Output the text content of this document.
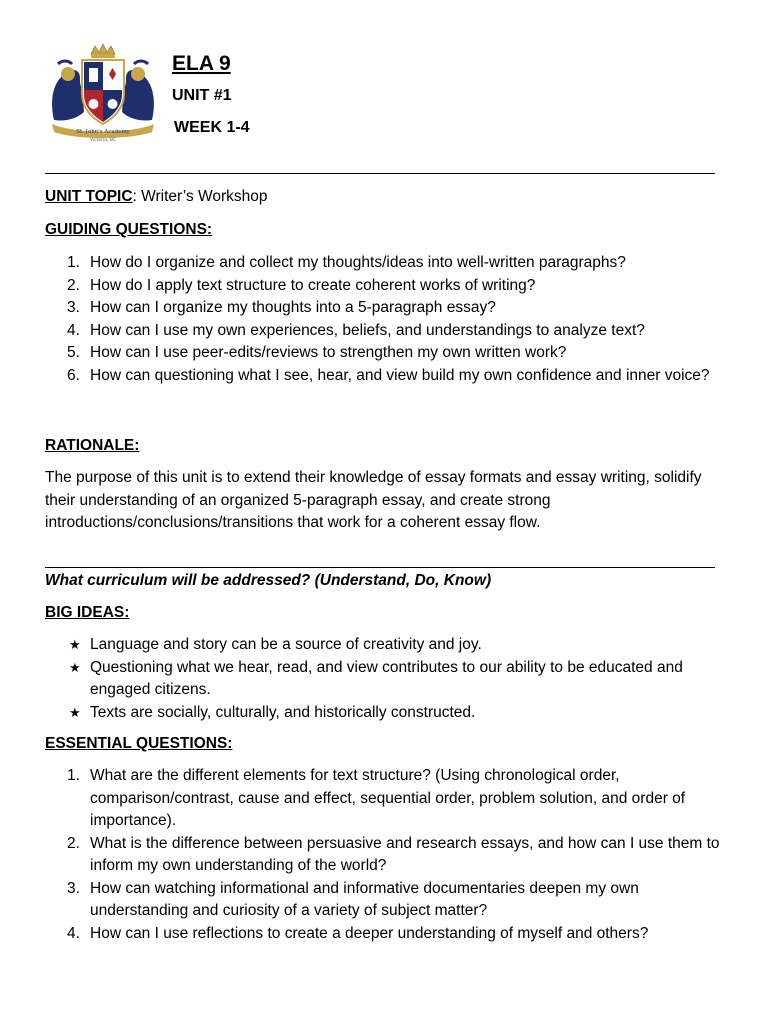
St. John's Academy
Victoria, BC

ELA 9

UNIT #1

WEEK 1-4

UNIT TOPIC: Writer’s Workshop
GUIDING QUESTIONS:
1. How do I organize and collect my thoughts/ideas into well-written paragraphs?
2. How do I apply text structure to create coherent works of writing?
3. How can I organize my thoughts into a 5-paragraph essay?
4. How can I use my own experiences, beliefs, and understandings to analyze text?
5. How can I use peer-edits/reviews to strengthen my own written work?
6. How can questioning what I see, hear, and view build my own confidence and inner voice?
RATIONALE:

The purpose of this unit is to extend their knowledge of essay formats and essay writing, solidify their understanding of an organized 5-paragraph essay, and create strong introductions/conclusions/transitions that work for a coherent essay flow.

What curriculum will be addressed? (Understand, Do, Know)

BIG IDEAS:
★ Language and story can be a source of creativity and joy.
★ Questioning what we hear, read, and view contributes to our ability to be educated and engaged citizens.
★ Texts are socially, culturally, and historically constructed.
ESSENTIAL QUESTIONS:
1. What are the different elements for text structure? (Using chronological order, comparison/contrast, cause and effect, sequential order, problem solution, and order of importance).
2. What is the difference between persuasive and research essays, and how can I use them to inform my own understanding of the world?
3. How can watching informational and informative documentaries deepen my own understanding and curiosity of a variety of subject matter?
4. How can I use reflections to create a deeper understanding of myself and others?
